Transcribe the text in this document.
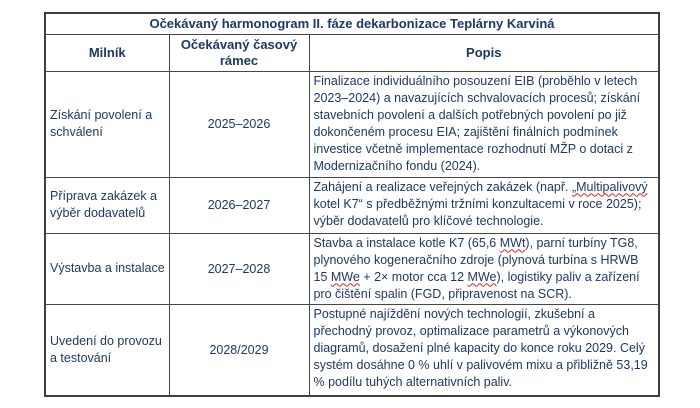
Očekávaný harmonogram II. fáze dekarbonizace Teplárny Karviná		
Milník	Očekávaný časový rámec	Popis
Získání povolení a schválení	2025–2026	Finalizace individuálního posouzení EIB (proběhlo v letech 2023–2024) a navazujících schvalovacích procesů; získání stavebních povolení a dalších potřebných povolení po již dokončeném procesu EIA; zajištění finálních podmínek investice včetně implementace rozhodnutí MŽP o dotaci z Modernizačního fondu (2024).
Příprava zakázek a výběr dodavatelů	2026–2027	Zahájení a realizace veřejných zakázek (např. „Multipalivový kotel K7“ s předběžnými tržními konzultacemi v roce 2025); výběr dodavatelů pro klíčové technologie.
Výstavba a instalace	2027–2028	Stavba a instalace kotle K7 (65,6 MWt), parní turbíny TG8, plynového kogeneračního zdroje (plynová turbína s HRWB 15 MWe + 2× motor cca 12 MWe), logistiky paliv a zařízení pro čištění spalin (FGD, připravenost na SCR).
Uvedení do provozu a testování	2028/2029	Postupné najíždění nových technologií, zkušební a přechodný provoz, optimalizace parametrů a výkonových diagramů, dosažení plné kapacity do konce roku 2029. Celý systém dosáhne 0 % uhlí v palivovém mixu a přibližně 53,19 % podílu tuhých alternativních paliv.
